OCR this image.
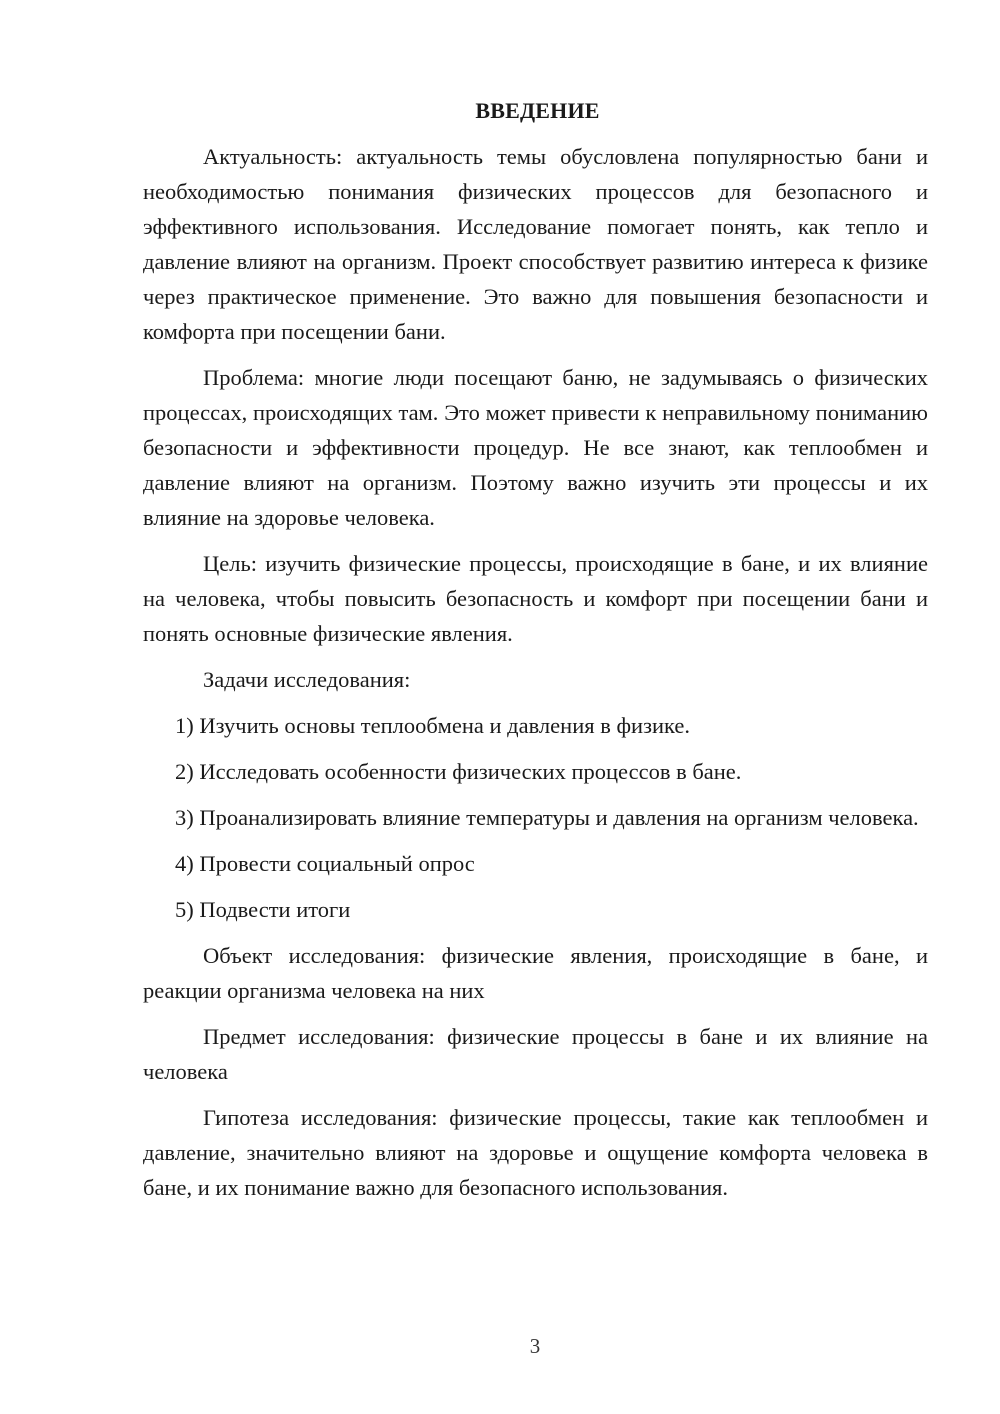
ВВЕДЕНИЕ

Актуальность: актуальность темы обусловлена популярностью бани и необходимостью понимания физических процессов для безопасного и эффективного использования. Исследование помогает понять, как тепло и давление влияют на организм. Проект способствует развитию интереса к физике через практическое применение. Это важно для повышения безопасности и комфорта при посещении бани.

Проблема: многие люди посещают баню, не задумываясь о физических процессах, происходящих там. Это может привести к неправильному пониманию безопасности и эффективности процедур. Не все знают, как теплообмен и давление влияют на организм. Поэтому важно изучить эти процессы и их влияние на здоровье человека.

Цель: изучить физические процессы, происходящие в бане, и их влияние на человека, чтобы повысить безопасность и комфорт при посещении бани и понять основные физические явления.

Задачи исследования:

1) Изучить основы теплообмена и давления в физике.

2) Исследовать особенности физических процессов в бане.

3) Проанализировать влияние температуры и давления на организм человека.

4) Провести социальный опрос

5) Подвести итоги

Объект исследования: физические явления, происходящие в бане, и реакции организма человека на них

Предмет исследования: физические процессы в бане и их влияние на человека

Гипотеза исследования: физические процессы, такие как теплообмен и давление, значительно влияют на здоровье и ощущение комфорта человека в бане, и их понимание важно для безопасного использования.

3
